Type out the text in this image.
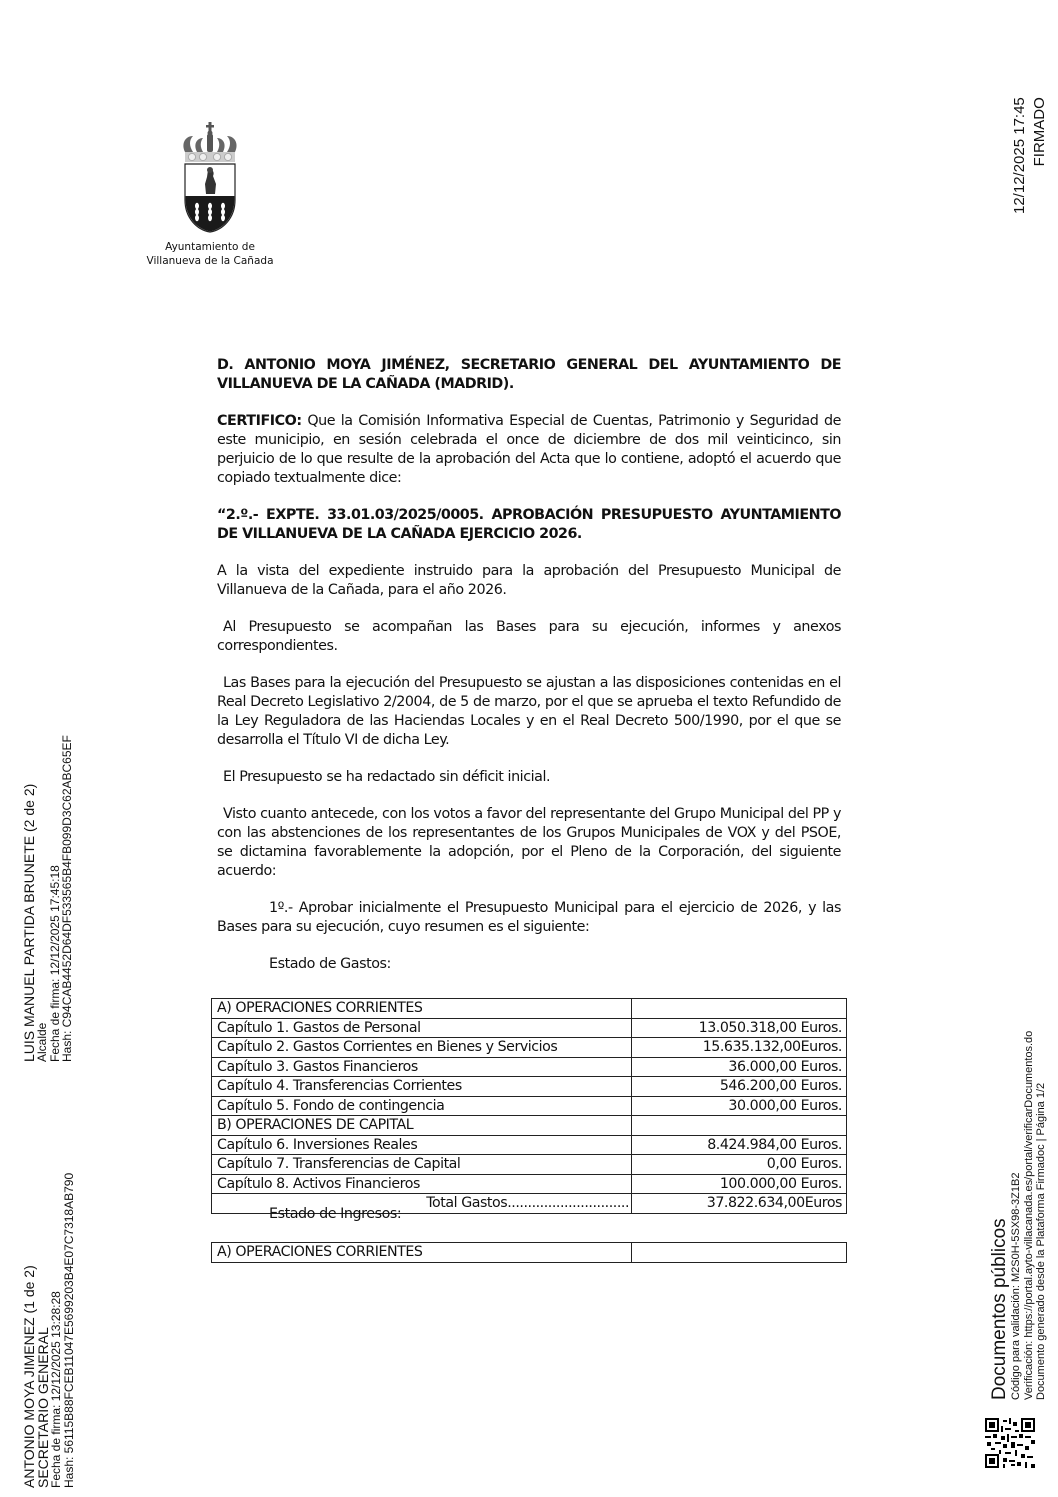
Ayuntamiento de
Villanueva de la Cañada
12/12/2025 17:45 FIRMADO
LUIS MANUEL PARTIDA BRUNETE (2 de 2)
Alcalde
Fecha de firma: 12/12/2025 17:45:18
Hash: C94CAB4452D64DF533565B4FB099D3C62ABC65EF
ANTONIO MOYA JIMENEZ (1 de 2)
SECRETARIO GENERAL
Fecha de firma: 12/12/2025 13:28:28
Hash: 56115B88FCEB11047E5699203B4E07C7318AB790	Documentos públicos Código para validación: M2S0H-5SX98-3Z1B2 Verificación: https://portal.ayto-villacanada.es/portal/verificarDocumentos.do Documento generado desde la Plataforma Firmadoc | Página 1/2

D. ANTONIO MOYA JIMÉNEZ, SECRETARIO GENERAL DEL AYUNTAMIENTO DE VILLANUEVA DE LA CAÑADA (MADRID).

CERTIFICO: Que la Comisión Informativa Especial de Cuentas, Patrimonio y Seguridad de este municipio, en sesión celebrada el once de diciembre de dos mil veinticinco, sin perjuicio de lo que resulte de la aprobación del Acta que lo contiene, adoptó el acuerdo que copiado textualmente dice:

“2.º.- EXPTE. 33.01.03/2025/0005. APROBACIÓN PRESUPUESTO AYUNTAMIENTO DE VILLANUEVA DE LA CAÑADA EJERCICIO 2026.

A la vista del expediente instruido para la aprobación del Presupuesto Municipal de Villanueva de la Cañada, para el año 2026.

Al Presupuesto se acompañan las Bases para su ejecución, informes y anexos correspondientes.

Las Bases para la ejecución del Presupuesto se ajustan a las disposiciones contenidas en el Real Decreto Legislativo 2/2004, de 5 de marzo, por el que se aprueba el texto Refundido de la Ley Reguladora de las Haciendas Locales y en el Real Decreto 500/1990, por el que se desarrolla el Título VI de dicha Ley.

El Presupuesto se ha redactado sin déficit inicial.

Visto cuanto antecede, con los votos a favor del representante del Grupo Municipal del PP y con las abstenciones de los representantes de los Grupos Municipales de VOX y del PSOE, se dictamina favorablemente la adopción, por el Pleno de la Corporación, del siguiente acuerdo:

1º.- Aprobar inicialmente el Presupuesto Municipal para el ejercicio de 2026, y las Bases para su ejecución, cuyo resumen es el siguiente:

Estado de Gastos:

A) OPERACIONES CORRIENTES	
Capítulo 1. Gastos de Personal	13.050.318,00 Euros.
Capítulo 2. Gastos Corrientes en Bienes y Servicios	15.635.132,00Euros.
Capítulo 3. Gastos Financieros	36.000,00 Euros.
Capítulo 4. Transferencias Corrientes	546.200,00 Euros.
Capítulo 5. Fondo de contingencia	30.000,00 Euros.
B) OPERACIONES DE CAPITAL	
Capítulo 6. Inversiones Reales	8.424.984,00 Euros.
Capítulo 7. Transferencias de Capital	0,00 Euros.
Capítulo 8. Activos Financieros	100.000,00 Euros.
Total Gastos..............................	37.822.634,00Euros
Estado de Ingresos:
A) OPERACIONES CORRIENTES	
